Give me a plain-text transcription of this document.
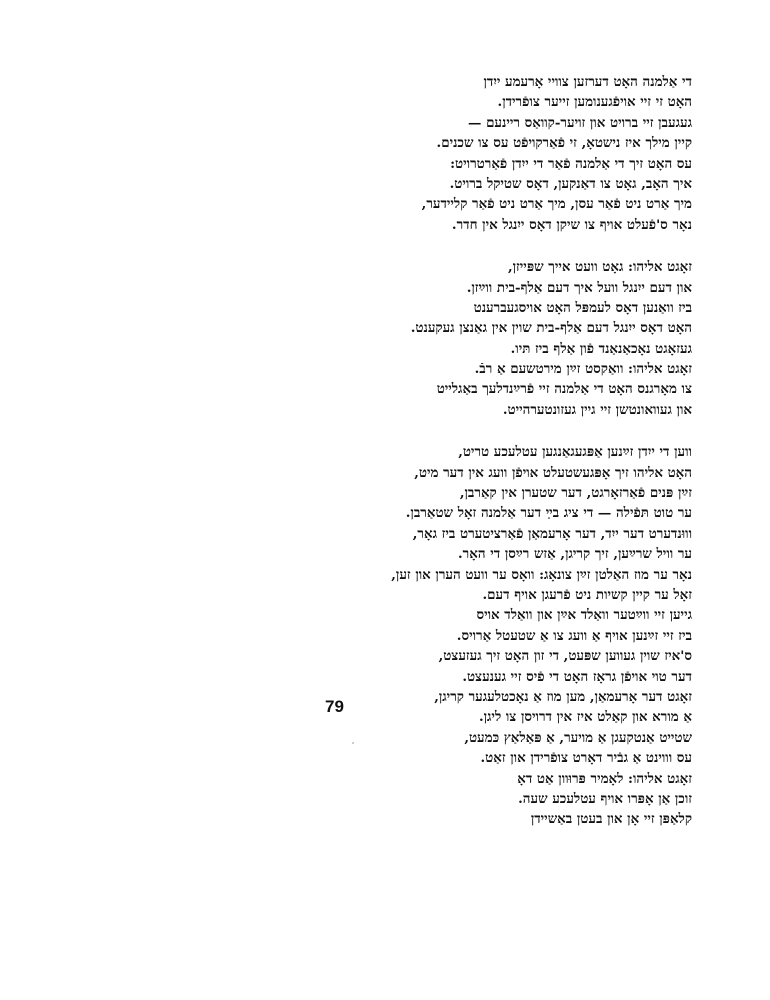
די אַלמנה האָט דערזען צוויי אָרעמע ייִדן
האָט זי זיי אויפֿגענומען זייער צופֿרידן.
געגעבן זיי ברויט און זויער-קוואַס ריינעם —
קיין מילך איז נישטאָ, זי פֿאַרקויפֿט עס צו שכנים.
עס האָט זיך די אַלמנה פֿאַר די ייִדן פֿאַרטרויט:
איך האָב, גאָט צו דאַנקען, דאָס שטיקל ברויט.
מיך אַרט ניט פֿאַר עסן, מיך אַרט ניט פֿאַר קליידער,
נאָר ס'פֿעלט אויף צו שיקן דאָס ייִנגל אין חדר.
זאָגט אליהו: גאָט וועט אייך שפּייזן,
און דעם ייִנגל וועל איך דעם אַלף-בית ווײַזן.
ביז וואַנען דאָס לעמפּל האָט אויסגעברענט
האָט דאָס ייִנגל דעם אַלף-בית שוין אין גאַנצן געקענט.
געזאָגט נאָכאַנאַנד פֿון אַלף ביז תּיו.
זאָגט אליהו: וואַקסט זײַן מירטשעם אַ רבֿ.
צו מאָרגנס האָט די אַלמנה זיי פֿרײַנדלעך באַגלייט
און געוואונטשן זיי גיין געזונטערהייט.
ווען די ייִדן זײַנען אַפּגעגאַנגען עטלעכע טריט,
האָט אליהו זיך אָפּגעשטעלט אויפֿן וועג אין דער מיט,
זײַן פּנים פֿאַרזאָרגט, דער שטערן אין קאַרבן,
ער טוט תּפֿילה — די ציג בײַ דער אַלמנה זאָל שטאַרבן.
וווּנדערט דער ייִד, דער אָרעמאַן פֿאַרציטערט ביז גאָר,
ער וויל שרײַען, זיך קריגן, אַזש רײַסן די האָר.
נאָר ער מוז האַלטן זײַן צונאָג: וואָס ער וועט הערן און זען,
זאָל ער קיין קשיות ניט פֿרעגן אויף דעם.
גייען זיי ווײַטער וואַלד אײַן און וואַלד אויס
ביז זיי זײַנען אויף אַ וועג צו אַ שטעטל אַרויס.
ס'איז שוין געווען שפּעט, די זון האָט זיך געזעצט,
דער טוי אויפֿן גראָז האָט די פֿיס זיי גענעצט.
זאָגט דער אָרעמאַן, מען מוז אַ נאָכטלעגער קריגן,
אַ מורא און קאַלט איז אין דרויסן צו ליגן.
שטייט אַנטקעגן אַ מויער, אַ פּאַלאַץ כּמעט,
עס וווינט אַ גבֿיר דאָרט צופֿרידן און זאַט.
זאָגט אליהו: לאָמיר פּרוּוון אַט דאָ
זוכן אַן אָפּרו אויף עטלעכע שעה.
קלאַפּן זיי אָן און בעטן באַשיידן
79
